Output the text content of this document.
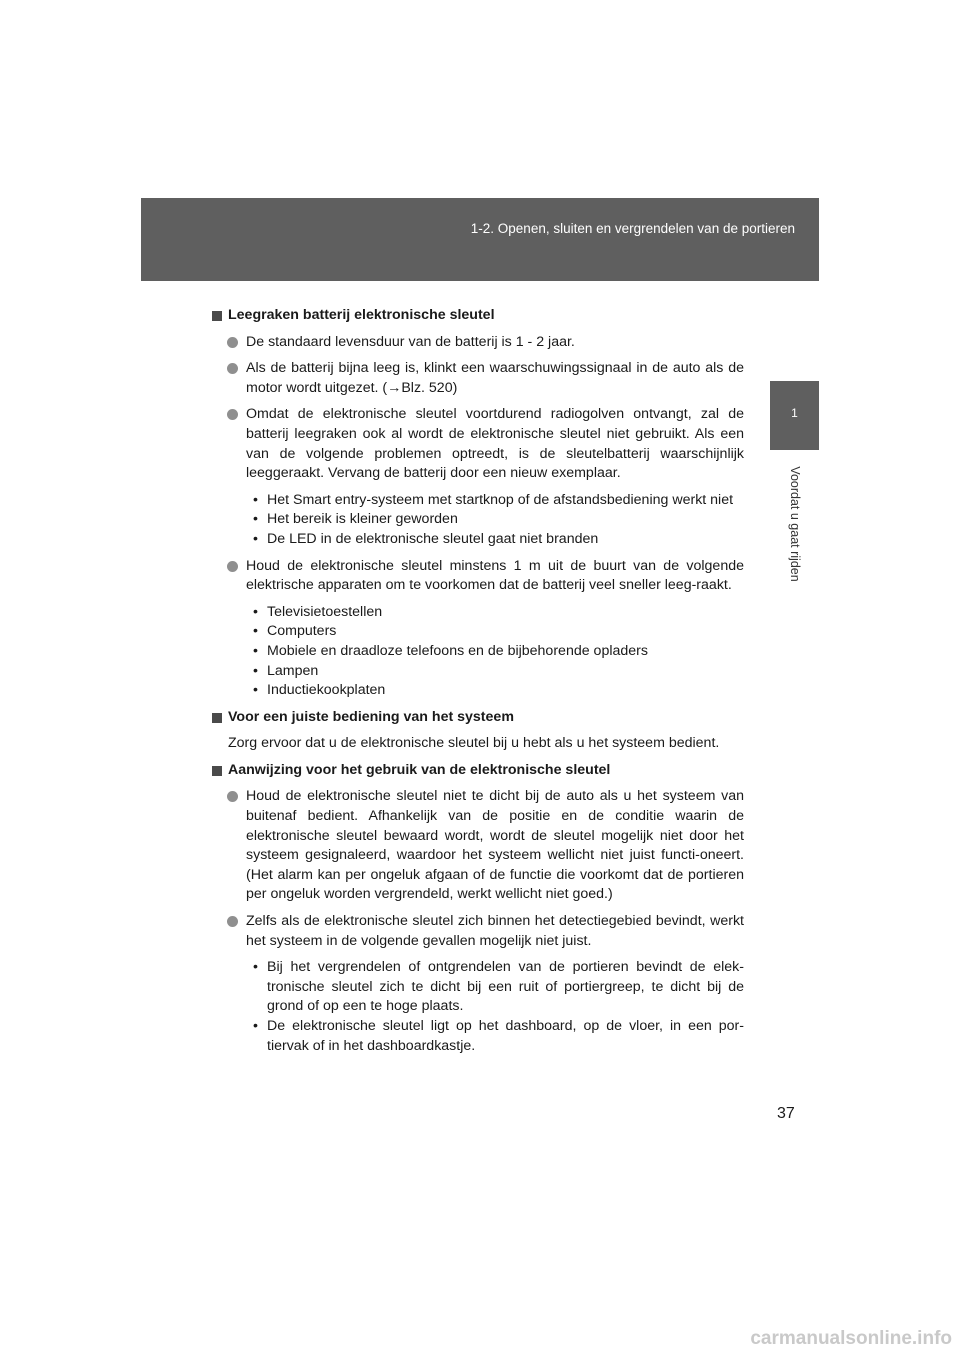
1-2. Openen, sluiten en vergrendelen van de portieren
1
Voordat u gaat rijden
Leegraken batterij elektronische sleutel
De standaard levensduur van de batterij is 1 - 2 jaar.
Als de batterij bijna leeg is, klinkt een waarschuwingssignaal in de auto als de motor wordt uitgezet. (→Blz. 520)
Omdat de elektronische sleutel voortdurend radiogolven ontvangt, zal de batterij leegraken ook al wordt de elektronische sleutel niet gebruikt. Als een van de volgende problemen optreedt, is de sleutelbatterij waarschijnlijk leeggeraakt. Vervang de batterij door een nieuw exemplaar.
• Het Smart entry-systeem met startknop of de afstandsbediening werkt niet
• Het bereik is kleiner geworden
• De LED in de elektronische sleutel gaat niet branden
Houd de elektronische sleutel minstens 1 m uit de buurt van de volgende elektrische apparaten om te voorkomen dat de batterij veel sneller leeg-raakt.
• Televisietoestellen
• Computers
• Mobiele en draadloze telefoons en de bijbehorende opladers
• Lampen
• Inductiekookplaten
Voor een juiste bediening van het systeem
Zorg ervoor dat u de elektronische sleutel bij u hebt als u het systeem bedient.
Aanwijzing voor het gebruik van de elektronische sleutel
Houd de elektronische sleutel niet te dicht bij de auto als u het systeem van buitenaf bedient. Afhankelijk van de positie en de conditie waarin de elektronische sleutel bewaard wordt, wordt de sleutel mogelijk niet door het systeem gesignaleerd, waardoor het systeem wellicht niet juist functi-oneert. (Het alarm kan per ongeluk afgaan of de functie die voorkomt dat de portieren per ongeluk worden vergrendeld, werkt wellicht niet goed.)
Zelfs als de elektronische sleutel zich binnen het detectiegebied bevindt, werkt het systeem in de volgende gevallen mogelijk niet juist.
• Bij het vergrendelen of ontgrendelen van de portieren bevindt de elek-tronische sleutel zich te dicht bij een ruit of portiergreep, te dicht bij de grond of op een te hoge plaats.
• De elektronische sleutel ligt op het dashboard, op de vloer, in een por-tiervak of in het dashboardkastje.
37
carmanualsonline.info
